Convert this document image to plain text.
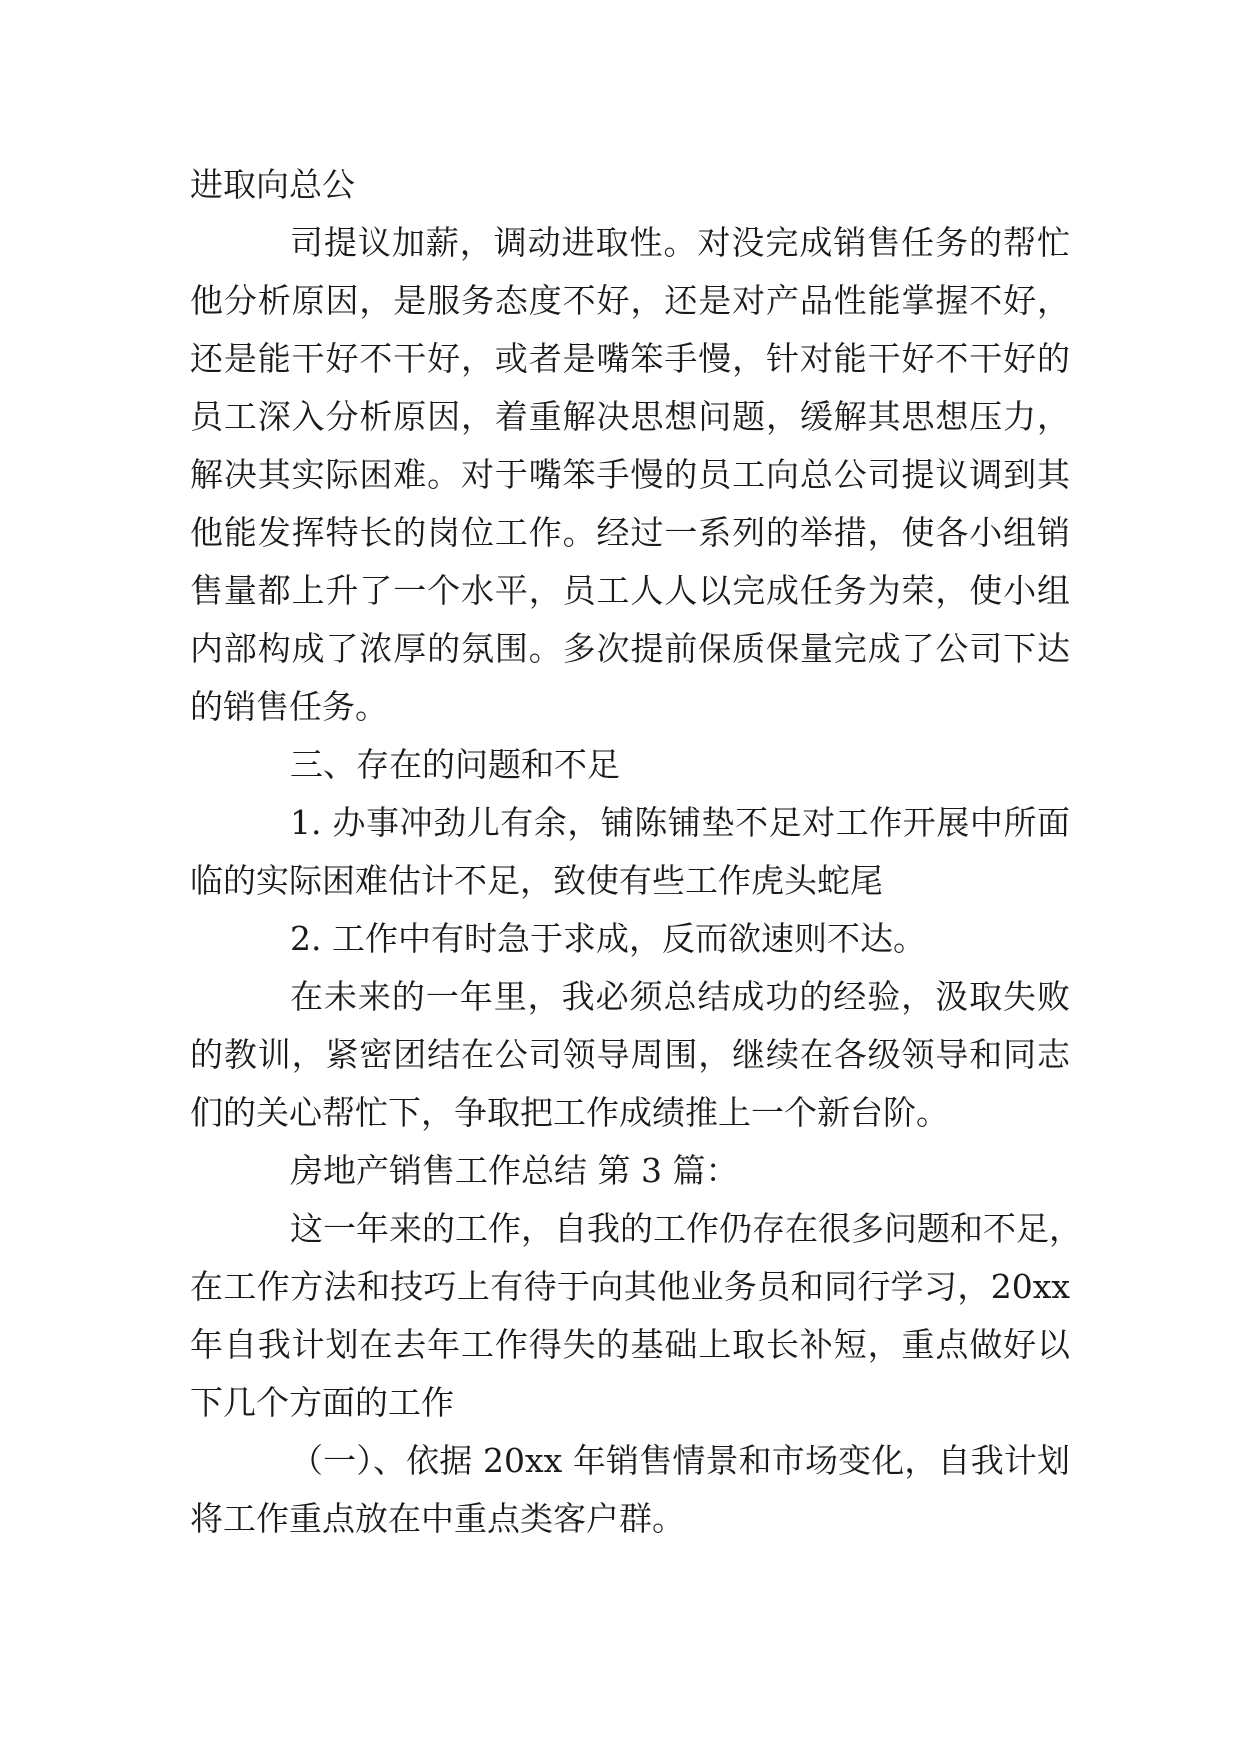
进取向总公
司提议加薪，调动进取性。对没完成销售任务的帮忙
他分析原因，是服务态度不好，还是对产品性能掌握不好，
还是能干好不干好，或者是嘴笨手慢，针对能干好不干好的
员工深入分析原因，着重解决思想问题，缓解其思想压力，
解决其实际困难。对于嘴笨手慢的员工向总公司提议调到其
他能发挥特长的岗位工作。经过一系列的举措，使各小组销
售量都上升了一个水平，员工人人以完成任务为荣，使小组
内部构成了浓厚的氛围。多次提前保质保量完成了公司下达
的销售任务。
三、存在的问题和不足
1. 办事冲劲儿有余，铺陈铺垫不足对工作开展中所面
临的实际困难估计不足，致使有些工作虎头蛇尾
2. 工作中有时急于求成，反而欲速则不达。
在未来的一年里，我必须总结成功的经验，汲取失败
的教训，紧密团结在公司领导周围，继续在各级领导和同志
们的关心帮忙下，争取把工作成绩推上一个新台阶。
房地产销售工作总结 第 3 篇：
这一年来的工作，自我的工作仍存在很多问题和不足，
在工作方法和技巧上有待于向其他业务员和同行学习，20xx
年自我计划在去年工作得失的基础上取长补短，重点做好以
下几个方面的工作
（一）、依据 20xx 年销售情景和市场变化，自我计划
将工作重点放在中重点类客户群。
